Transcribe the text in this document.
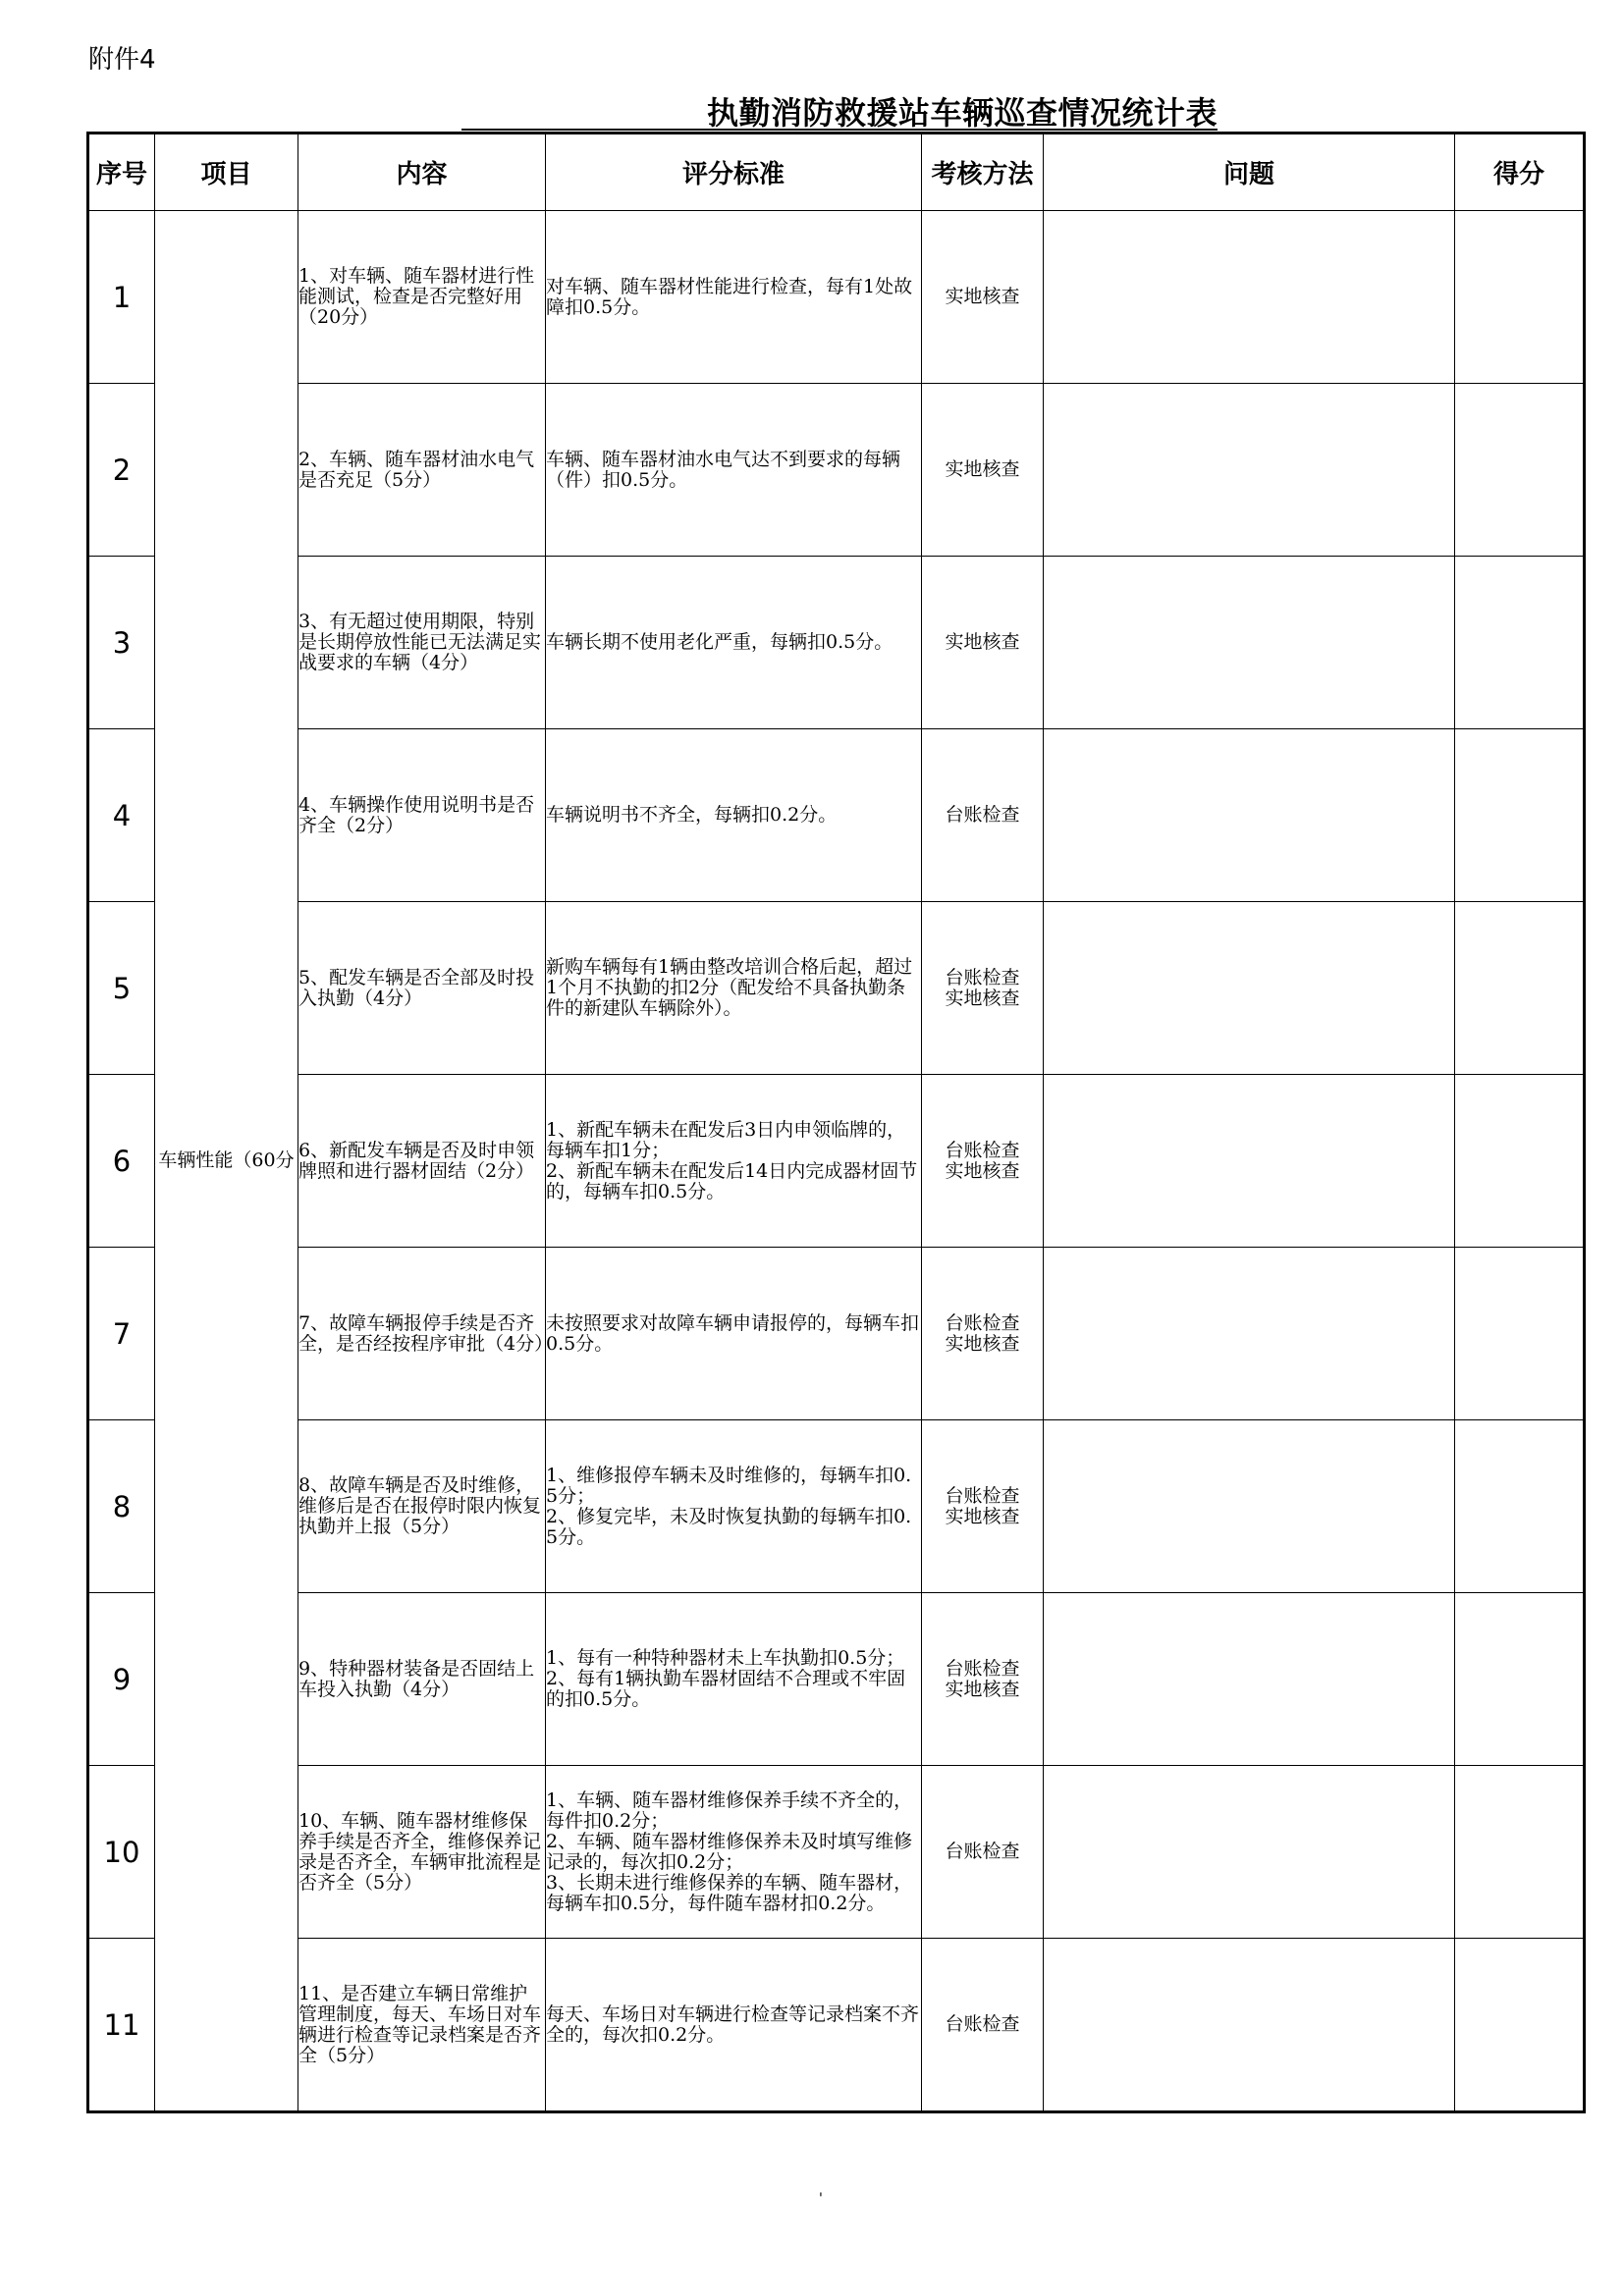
附件4
执勤消防救援站车辆巡查情况统计表
序号	项目	内容	评分标准	考核方法	问题	得分
1	车辆性能（60分	1、对车辆、随车器材进行性能测试，检查是否完整好用（20分）	对车辆、随车器材性能进行检查，每有1处故障扣0.5分。	实地核查		
2		2、车辆、随车器材油水电气是否充足（5分）	车辆、随车器材油水电气达不到要求的每辆（件）扣0.5分。	实地核查		
3		3、有无超过使用期限，特别是长期停放性能已无法满足实战要求的车辆（4分）	车辆长期不使用老化严重，每辆扣0.5分。	实地核查		
4		4、车辆操作使用说明书是否齐全（2分）	车辆说明书不齐全，每辆扣0.2分。	台账检查		
5		5、配发车辆是否全部及时投入执勤（4分）	新购车辆每有1辆由整改培训合格后起，超过1个月不执勤的扣2分（配发给不具备执勤条件的新建队车辆除外）。	台账检查
实地核查		
6		6、新配发车辆是否及时申领牌照和进行器材固结（2分）	1、新配车辆未在配发后3日内申领临牌的，每辆车扣1分；
2、新配车辆未在配发后14日内完成器材固节的，每辆车扣0.5分。	台账检查
实地核查		
7		7、故障车辆报停手续是否齐全，是否经按程序审批（4分）	未按照要求对故障车辆申请报停的，每辆车扣0.5分。	台账检查
实地核查		
8		8、故障车辆是否及时维修，维修后是否在报停时限内恢复执勤并上报（5分）	1、维修报停车辆未及时维修的，每辆车扣0.5分；
2、修复完毕，未及时恢复执勤的每辆车扣0.5分。	台账检查
实地核查		
9		9、特种器材装备是否固结上车投入执勤（4分）	1、每有一种特种器材未上车执勤扣0.5分；
2、每有1辆执勤车器材固结不合理或不牢固的扣0.5分。	台账检查
实地核查		
10		10、车辆、随车器材维修保养手续是否齐全，维修保养记录是否齐全，车辆审批流程是否齐全（5分）	1、车辆、随车器材维修保养手续不齐全的，每件扣0.2分；
2、车辆、随车器材维修保养未及时填写维修记录的，每次扣0.2分；
3、长期未进行维修保养的车辆、随车器材，每辆车扣0.5分，每件随车器材扣0.2分。	台账检查		
11		11、是否建立车辆日常维护管理制度，每天、车场日对车辆进行检查等记录档案是否齐全（5分）	每天、车场日对车辆进行检查等记录档案不齐全的，每次扣0.2分。	台账检查		
'
